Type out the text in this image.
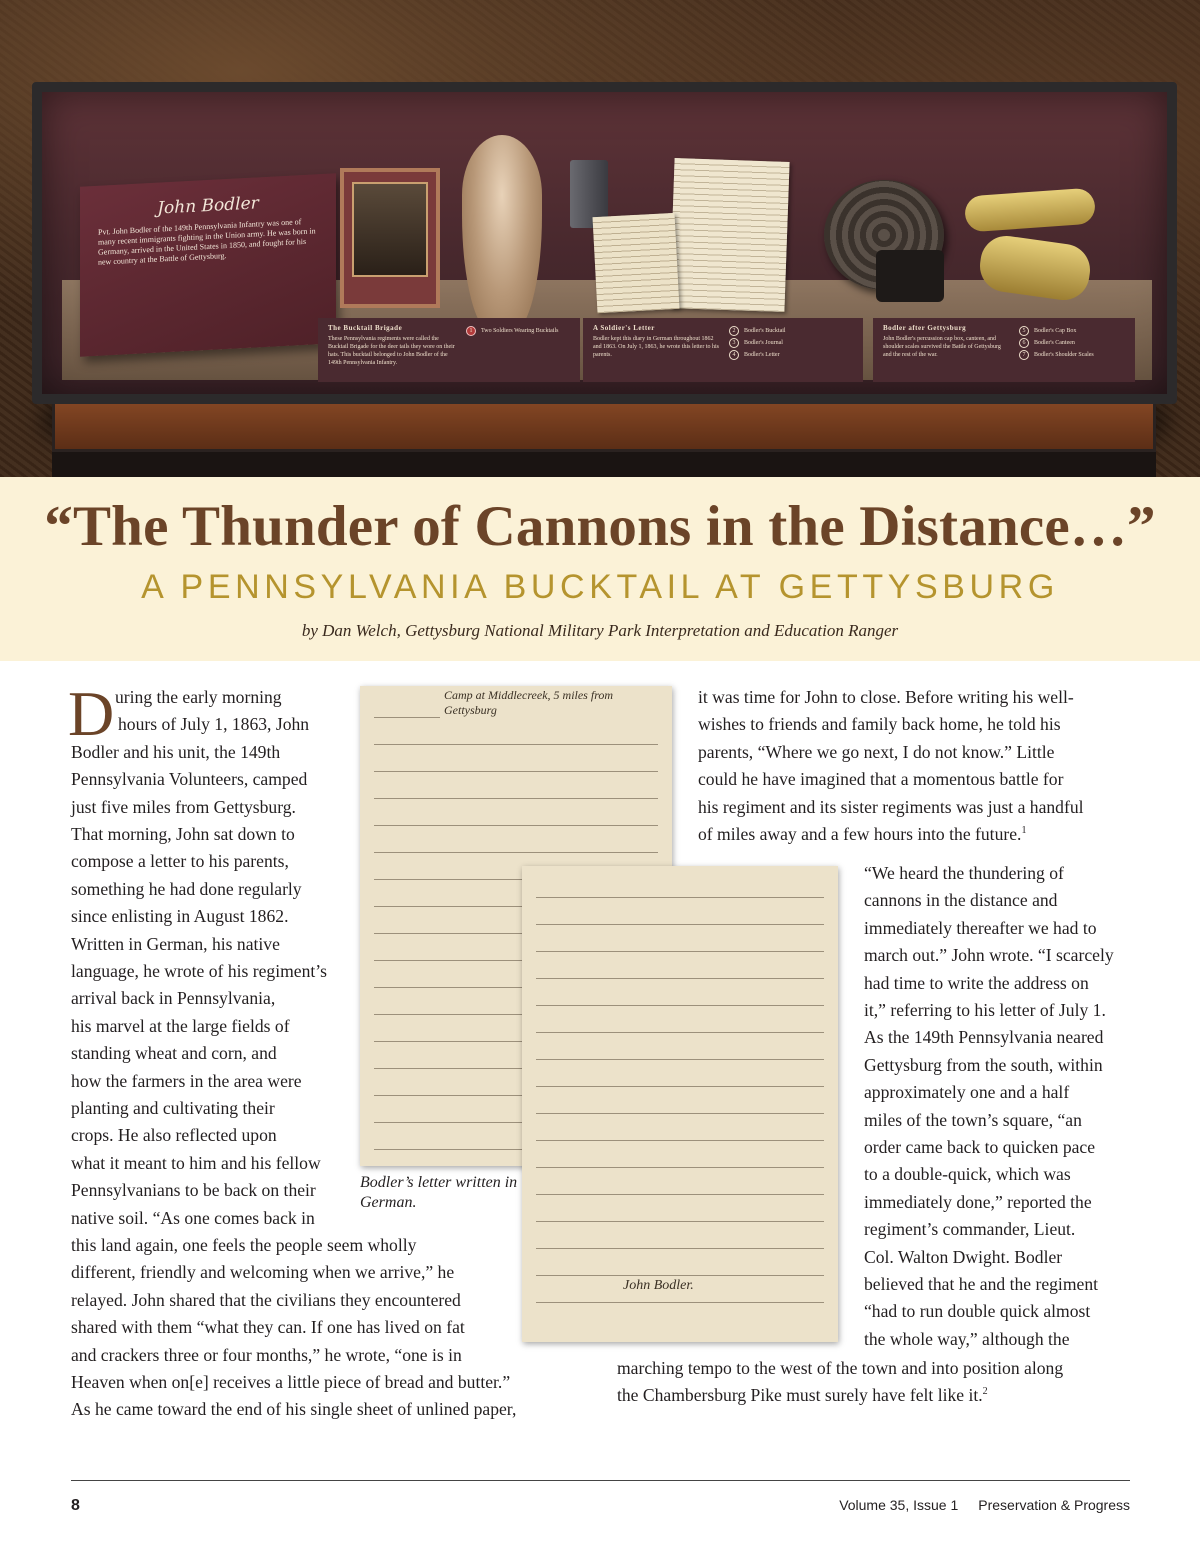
John Bodler
Pvt. John Bodler of the 149th Pennsylvania Infantry was one of many recent immigrants fighting in the Union army. He was born in Germany, arrived in the United States in 1850, and fought for his new country at the Battle of Gettysburg.
The Bucktail Brigade
These Pennsylvania regiments were called the Bucktail Brigade for the deer tails they wore on their hats. This bucktail belonged to John Bodler of the 149th Pennsylvania Infantry.
1	Two Soldiers Wearing Bucktails	A Soldier's Letter
Bodler kept this diary in German throughout 1862 and 1863. On July 1, 1863, he wrote this letter to his parents.
2	Bodler's Bucktail
3	Bodler's Journal
4	Bodler's Letter
Bodler after Gettysburg
John Bodler's percussion cap box, canteen, and shoulder scales survived the Battle of Gettysburg and the rest of the war.
5	Bodler's Cap Box
6	Bodler's Canteen
7	Bodler's Shoulder Scales
“The Thunder of Cannons in the Distance…”
A PENNSYLVANIA BUCKTAIL AT GETTYSBURG
by Dan Welch, Gettysburg National Military Park Interpretation and Education Ranger
Camp at Middlecreek, 5 miles from Gettysburg
John Bodler.
Bodler’s letter written in German.
D uring the early morning
hours of July 1, 1863, John
Bodler and his unit, the 149th
Pennsylvania Volunteers, camped
just five miles from Gettysburg.
That morning, John sat down to
compose a letter to his parents,
something he had done regularly
since enlisting in August 1862.
Written in German, his native
language, he wrote of his regiment’s
arrival back in Pennsylvania,
his marvel at the large fields of
standing wheat and corn, and
how the farmers in the area were
planting and cultivating their
crops. He also reflected upon
what it meant to him and his fellow
Pennsylvanians to be back on their
native soil. “As one comes back in
this land again, one feels the people seem wholly
different, friendly and welcoming when we arrive,” he
relayed. John shared that the civilians they encountered
shared with them “what they can. If one has lived on fat
and crackers three or four months,” he wrote, “one is in
Heaven when on[e] receives a little piece of bread and butter.”
As he came toward the end of his single sheet of unlined paper,
it was time for John to close. Before writing his well-
wishes to friends and family back home, he told his
parents, “Where we go next, I do not know.” Little
could he have imagined that a momentous battle for
his regiment and its sister regiments was just a handful
of miles away and a few hours into the future.$^1$
“We heard the thundering of
cannons in the distance and
immediately thereafter we had to
march out.” John wrote. “I scarcely
had time to write the address on
it,” referring to his letter of July 1.
As the 149th Pennsylvania neared
Gettysburg from the south, within
approximately one and a half
miles of the town’s square, “an
order came back to quicken pace
to a double-quick, which was
immediately done,” reported the
regiment’s commander, Lieut.
Col. Walton Dwight. Bodler
believed that he and the regiment
“had to run double quick almost
the whole way,” although the
marching tempo to the west of the town and into position along
the Chambersburg Pike must surely have felt like it.$^2$
8	Volume 35, Issue 1 Preservation & Progress
